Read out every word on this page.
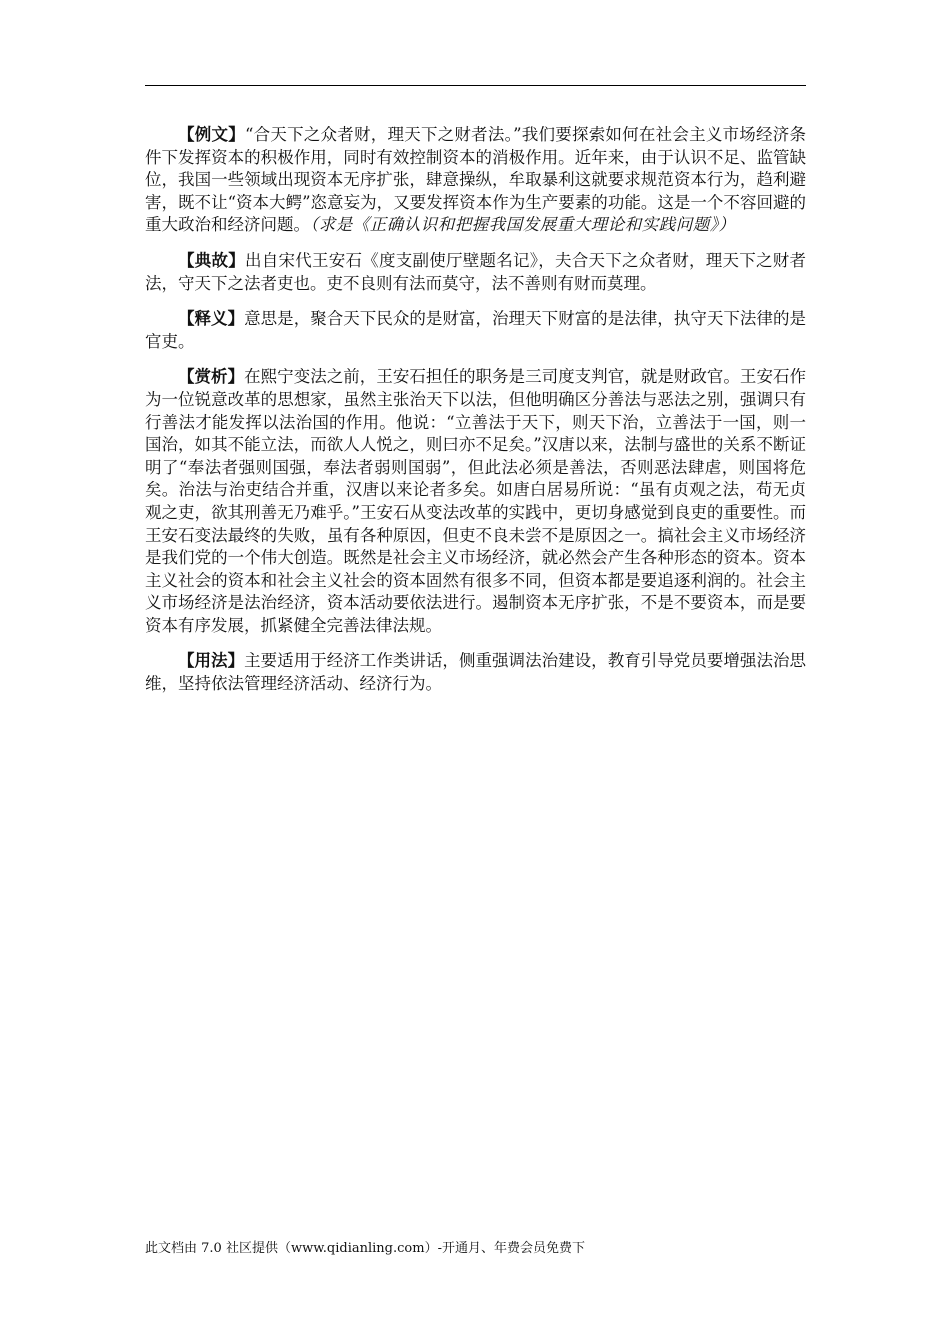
【例文】“合天下之众者财，理天下之财者法。”我们要探索如何在社会主义市场经济条件下发挥资本的积极作用，同时有效控制资本的消极作用。近年来，由于认识不足、监管缺位，我国一些领域出现资本无序扩张，肆意操纵，牟取暴利这就要求规范资本行为，趋利避害，既不让“资本大鳄”恣意妄为，又要发挥资本作为生产要素的功能。这是一个不容回避的重大政治和经济问题。（求是《正确认识和把握我国发展重大理论和实践问题》）

【典故】出自宋代王安石《度支副使厅壁题名记》，夫合天下之众者财，理天下之财者法，守天下之法者吏也。吏不良则有法而莫守，法不善则有财而莫理。

【释义】意思是，聚合天下民众的是财富，治理天下财富的是法律，执守天下法律的是官吏。

【赏析】在熙宁变法之前，王安石担任的职务是三司度支判官，就是财政官。王安石作为一位锐意改革的思想家，虽然主张治天下以法，但他明确区分善法与恶法之别，强调只有行善法才能发挥以法治国的作用。他说：“立善法于天下，则天下治，立善法于一国，则一国治，如其不能立法，而欲人人悦之，则曰亦不足矣。”汉唐以来，法制与盛世的关系不断证明了“奉法者强则国强，奉法者弱则国弱”，但此法必须是善法，否则恶法肆虐，则国将危矣。治法与治吏结合并重，汉唐以来论者多矣。如唐白居易所说：“虽有贞观之法，苟无贞观之吏，欲其刑善无乃难乎。”王安石从变法改革的实践中，更切身感觉到良吏的重要性。而王安石变法最终的失败，虽有各种原因，但吏不良未尝不是原因之一。搞社会主义市场经济是我们党的一个伟大创造。既然是社会主义市场经济，就必然会产生各种形态的资本。资本主义社会的资本和社会主义社会的资本固然有很多不同，但资本都是要追逐利润的。社会主义市场经济是法治经济，资本活动要依法进行。遏制资本无序扩张，不是不要资本，而是要资本有序发展，抓紧健全完善法律法规。

【用法】主要适用于经济工作类讲话，侧重强调法治建设，教育引导党员要增强法治思维，坚持依法管理经济活动、经济行为。

此文档由 7.0 社区提供（www.qidianling.com）-开通月、年费会员免费下
